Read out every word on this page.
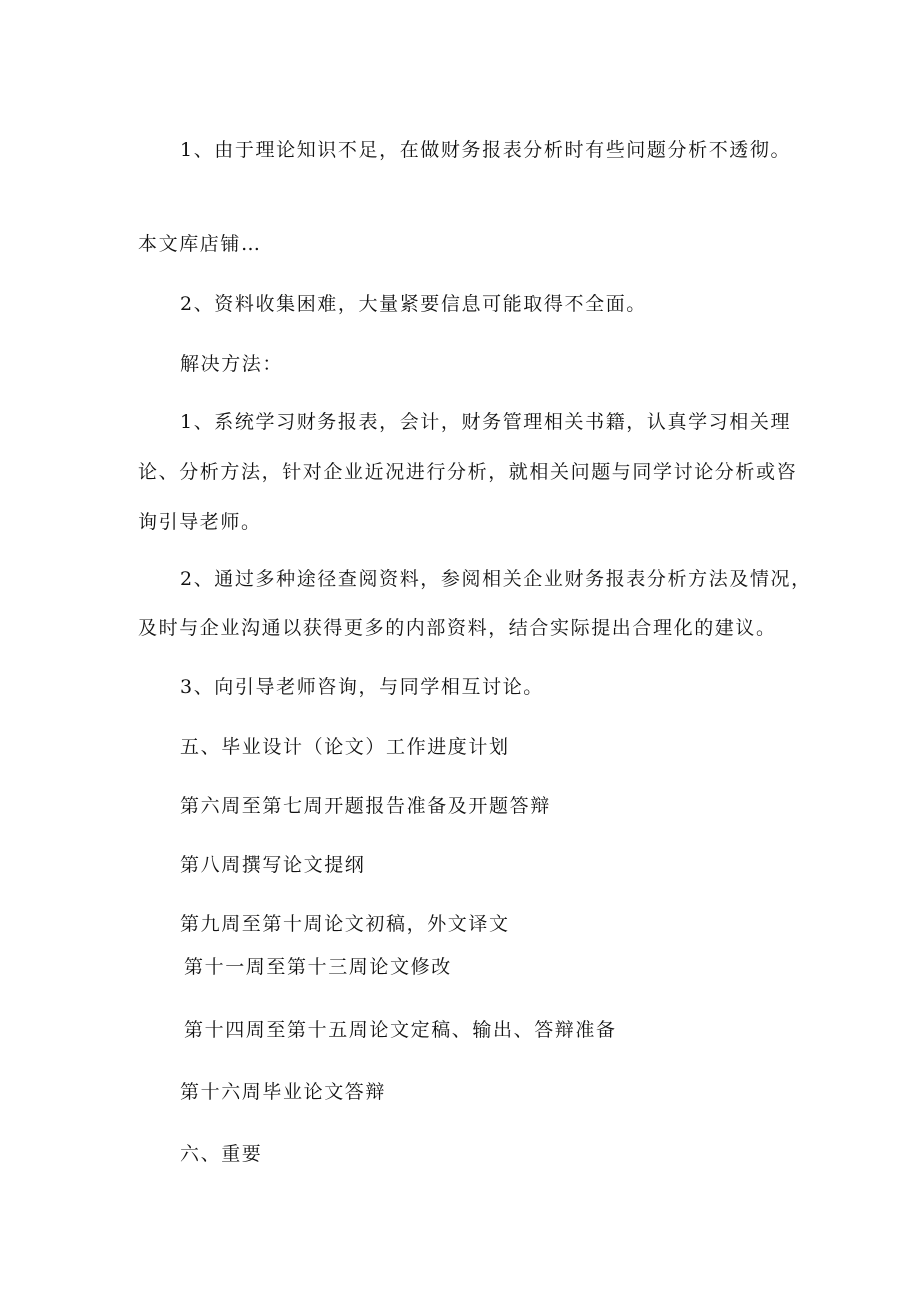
1、由于理论知识不足，在做财务报表分析时有些问题分析不透彻。

本文库店铺…

2、资料收集困难，大量紧要信息可能取得不全面。

解决方法：

1、系统学习财务报表，会计，财务管理相关书籍，认真学习相关理

论、分析方法，针对企业近况进行分析，就相关问题与同学讨论分析或咨

询引导老师。

2、通过多种途径查阅资料，参阅相关企业财务报表分析方法及情况，

及时与企业沟通以获得更多的内部资料，结合实际提出合理化的建议。

3、向引导老师咨询，与同学相互讨论。

五、毕业设计（论文）工作进度计划

第六周至第七周开题报告准备及开题答辩

第八周撰写论文提纲

第九周至第十周论文初稿，外文译文

第十一周至第十三周论文修改

第十四周至第十五周论文定稿、输出、答辩准备

第十六周毕业论文答辩

六、重要
